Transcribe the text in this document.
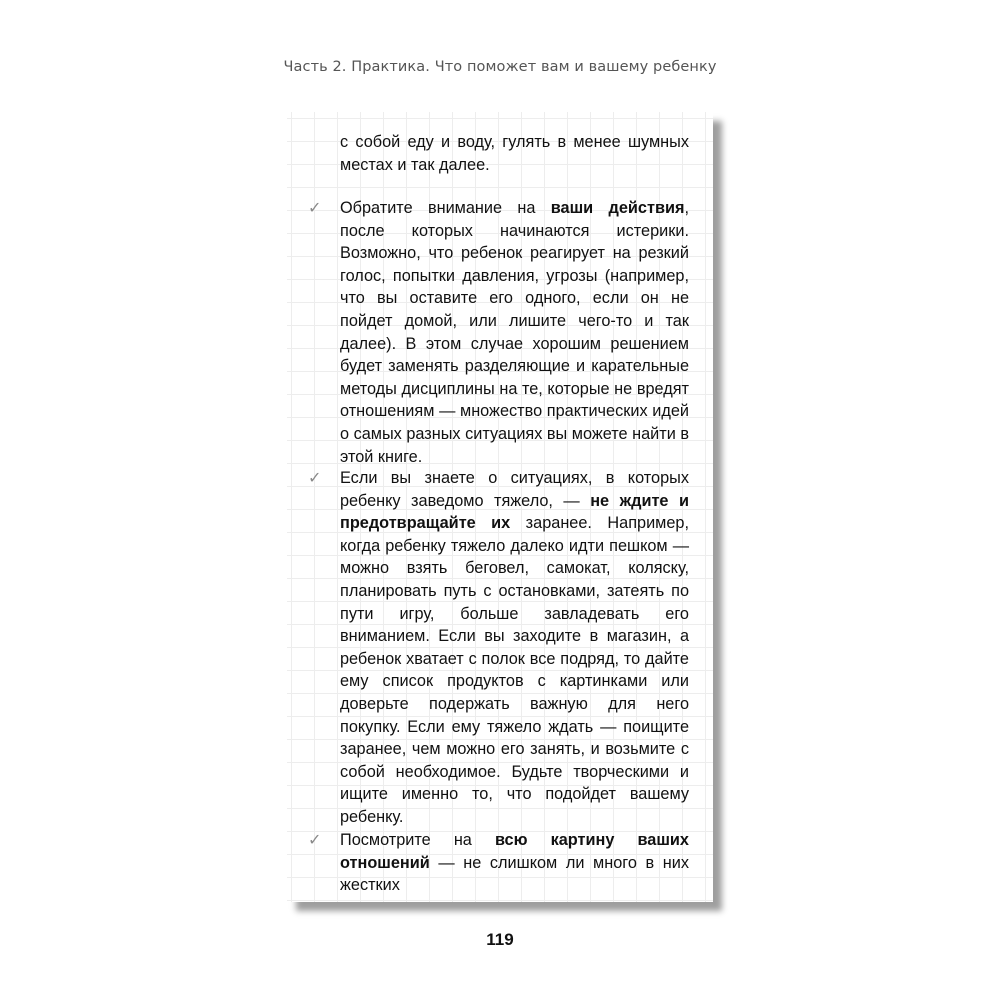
Часть 2. Практика. Что поможет вам и вашему ребенку

с собой еду и воду, гулять в менее шумных местах и так далее.

✓ Обратите внимание на ваши действия, после которых начинаются истерики. Возможно, что ребенок реагирует на резкий голос, попытки давления, угрозы (например, что вы оставите его одного, если он не пойдет домой, или лишите чего-то и так далее). В этом случае хорошим решением будет заменять разделяющие и карательные методы дисциплины на те, которые не вредят отношениям — множество практических идей о самых разных ситуациях вы можете найти в этой книге.

✓ Если вы знаете о ситуациях, в которых ребенку заведомо тяжело, — не ждите и предотвращайте их заранее. Например, когда ребенку тяжело далеко идти пешком — можно взять беговел, самокат, коляску, планировать путь с остановками, затеять по пути игру, больше завладевать его вниманием. Если вы заходите в магазин, а ребенок хватает с полок все подряд, то дайте ему список продуктов с картинками или доверьте подержать важную для него покупку. Если ему тяжело ждать — поищите заранее, чем можно его занять, и возьмите с собой необходимое. Будьте творческими и ищите именно то, что подойдет вашему ребенку.

✓ Посмотрите на всю картину ваших отношений — не слишком ли много в них жестких

119
